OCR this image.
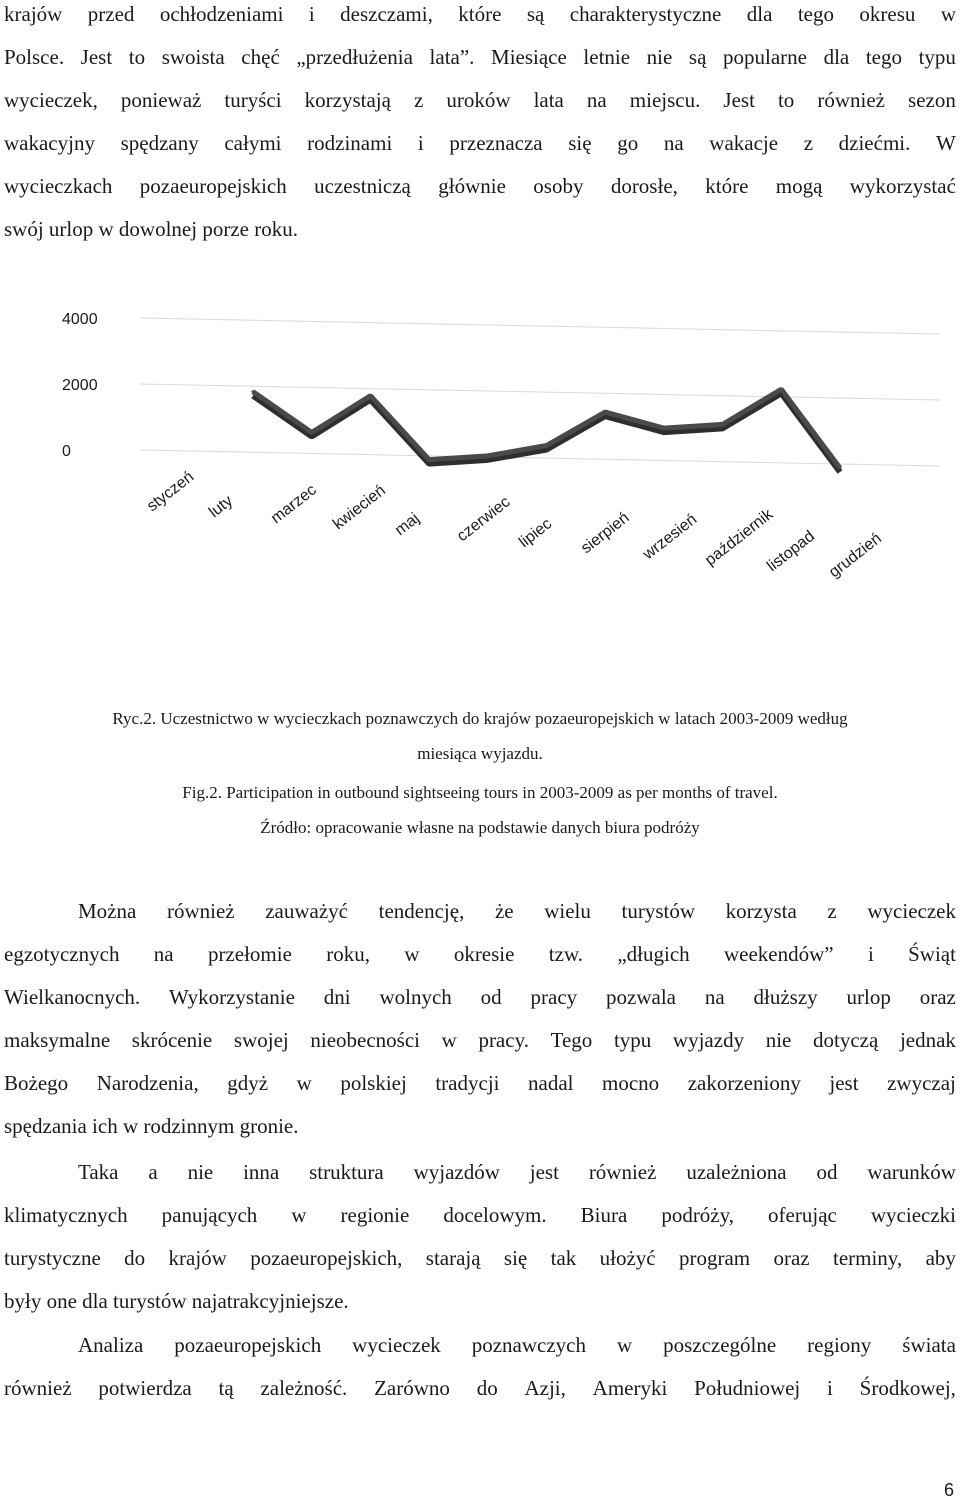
krajów przed ochłodzeniami i deszczami, które są charakterystyczne dla tego okresu w
Polsce. Jest to swoista chęć „przedłużenia lata”. Miesiące letnie nie są popularne dla tego typu
wycieczek, ponieważ turyści korzystają z uroków lata na miejscu. Jest to również sezon
wakacyjny spędzany całymi rodzinami i przeznacza się go na wakacje z dziećmi. W
wycieczkach pozaeuropejskich uczestniczą głównie osoby dorosłe, które mogą wykorzystać
swój urlop w dowolnej porze roku.
4000
2000
0
styczeń luty marzec kwiecień maj czerwiec lipiec sierpień wrzesień październik
listopad grudzień
Ryc.2. Uczestnictwo w wycieczkach poznawczych do krajów pozaeuropejskich w latach 2003-2009 według
miesiąca wyjazdu.
Fig.2. Participation in outbound sightseeing tours in 2003-2009 as per months of travel.
Źródło: opracowanie własne na podstawie danych biura podróży
Można również zauważyć tendencję, że wielu turystów korzysta z wycieczek
egzotycznych na przełomie roku, w okresie tzw. „długich weekendów” i Świąt
Wielkanocnych. Wykorzystanie dni wolnych od pracy pozwala na dłuższy urlop oraz
maksymalne skrócenie swojej nieobecności w pracy. Tego typu wyjazdy nie dotyczą jednak
Bożego Narodzenia, gdyż w polskiej tradycji nadal mocno zakorzeniony jest zwyczaj
spędzania ich w rodzinnym gronie.
Taka a nie inna struktura wyjazdów jest również uzależniona od warunków
klimatycznych panujących w regionie docelowym. Biura podróży, oferując wycieczki
turystyczne do krajów pozaeuropejskich, starają się tak ułożyć program oraz terminy, aby
były one dla turystów najatrakcyjniejsze.
Analiza pozaeuropejskich wycieczek poznawczych w poszczególne regiony świata
również potwierdza tą zależność. Zarówno do Azji, Ameryki Południowej i Środkowej,
6
